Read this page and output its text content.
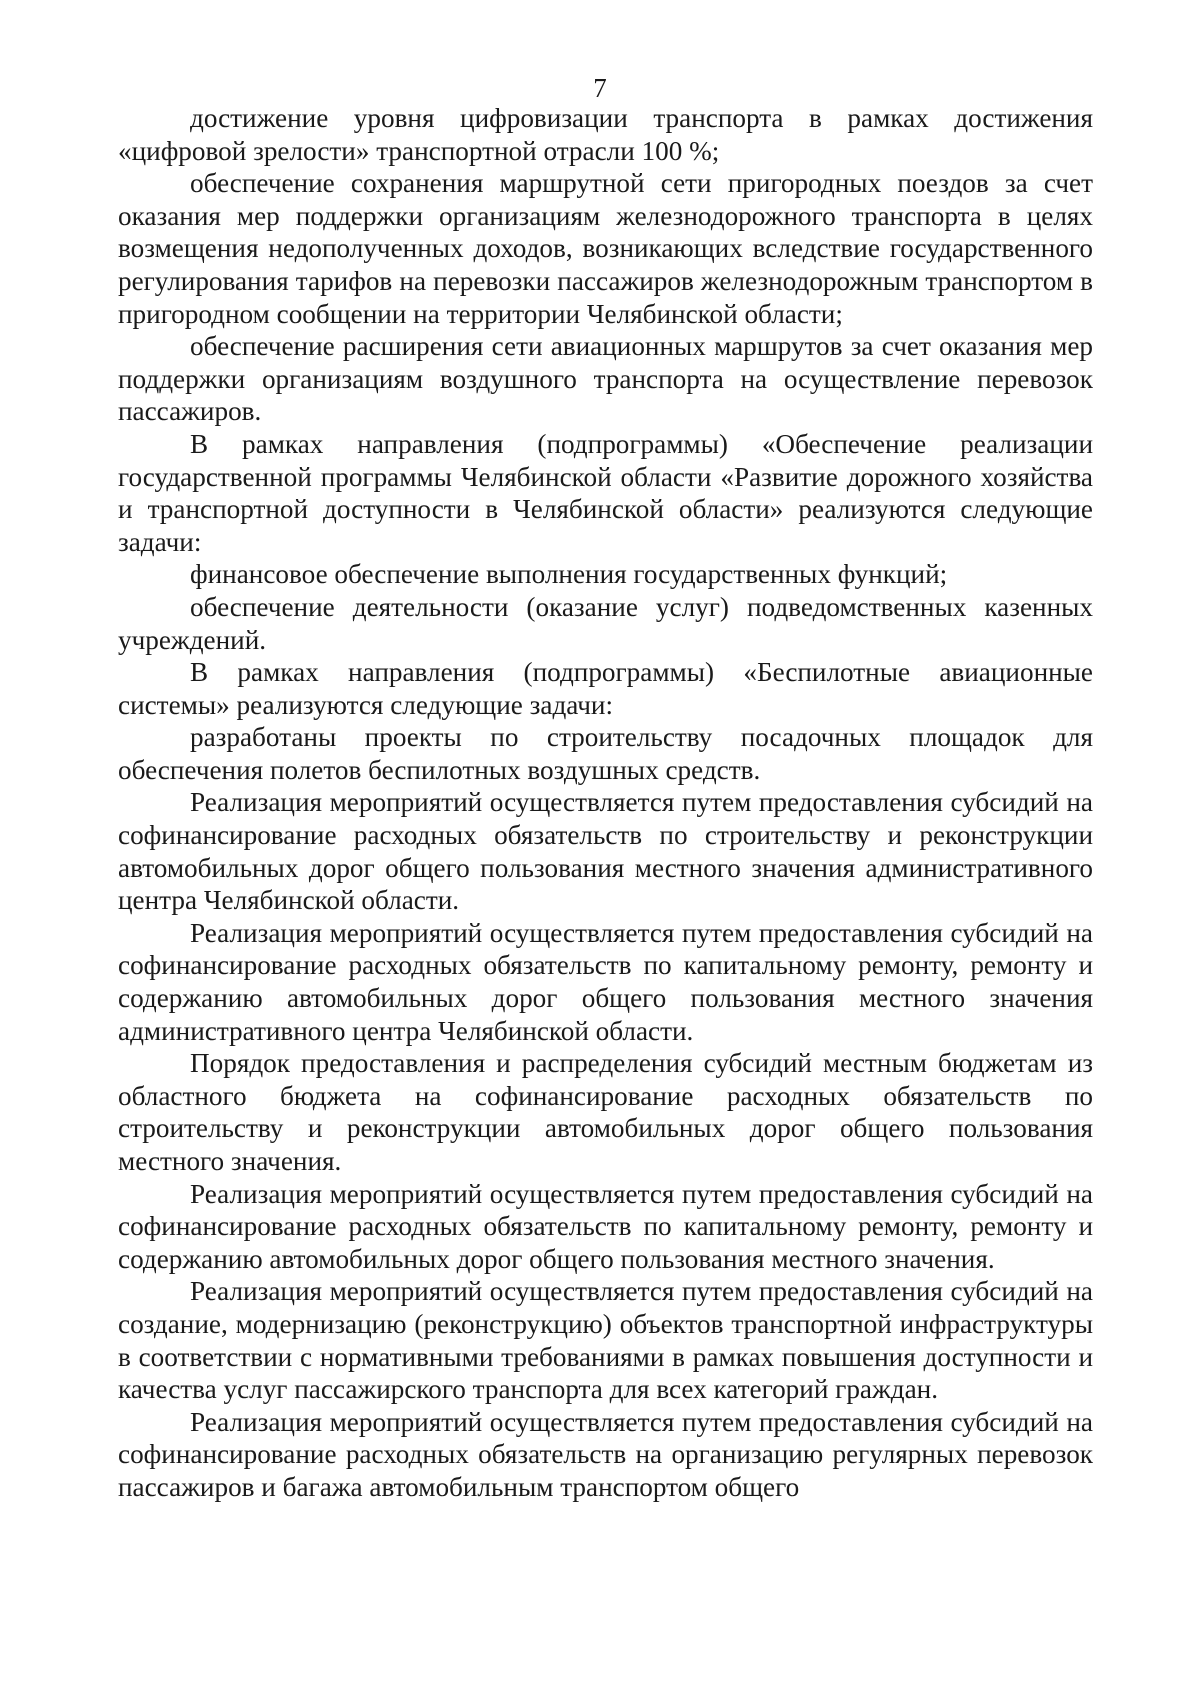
7

достижение уровня цифровизации транспорта в рамках достижения «цифровой зрелости» транспортной отрасли 100 %;

обеспечение сохранения маршрутной сети пригородных поездов за счет оказания мер поддержки организациям железнодорожного транспорта в целях возмещения недополученных доходов, возникающих вследствие государственного регулирования тарифов на перевозки пассажиров железнодорожным транспортом в пригородном сообщении на территории Челябинской области;

обеспечение расширения сети авиационных маршрутов за счет оказания мер поддержки организациям воздушного транспорта на осуществление перевозок пассажиров.

В рамках направления (подпрограммы) «Обеспечение реализации государственной программы Челябинской области «Развитие дорожного хозяйства и транспортной доступности в Челябинской области» реализуются следующие задачи:

финансовое обеспечение выполнения государственных функций;

обеспечение деятельности (оказание услуг) подведомственных казенных учреждений.

В рамках направления (подпрограммы) «Беспилотные авиационные системы» реализуются следующие задачи:

разработаны проекты по строительству посадочных площадок для обеспечения полетов беспилотных воздушных средств.

Реализация мероприятий осуществляется путем предоставления субсидий на софинансирование расходных обязательств по строительству и реконструкции автомобильных дорог общего пользования местного значения административного центра Челябинской области.

Реализация мероприятий осуществляется путем предоставления субсидий на софинансирование расходных обязательств по капитальному ремонту, ремонту и содержанию автомобильных дорог общего пользования местного значения административного центра Челябинской области.

Порядок предоставления и распределения субсидий местным бюджетам из областного бюджета на софинансирование расходных обязательств по строительству и реконструкции автомобильных дорог общего пользования местного значения.

Реализация мероприятий осуществляется путем предоставления субсидий на софинансирование расходных обязательств по капитальному ремонту, ремонту и содержанию автомобильных дорог общего пользования местного значения.

Реализация мероприятий осуществляется путем предоставления субсидий на создание, модернизацию (реконструкцию) объектов транспортной инфраструктуры в соответствии с нормативными требованиями в рамках повышения доступности и качества услуг пассажирского транспорта для всех категорий граждан.

Реализация мероприятий осуществляется путем предоставления субсидий на софинансирование расходных обязательств на организацию регулярных перевозок пассажиров и багажа автомобильным транспортом общего
